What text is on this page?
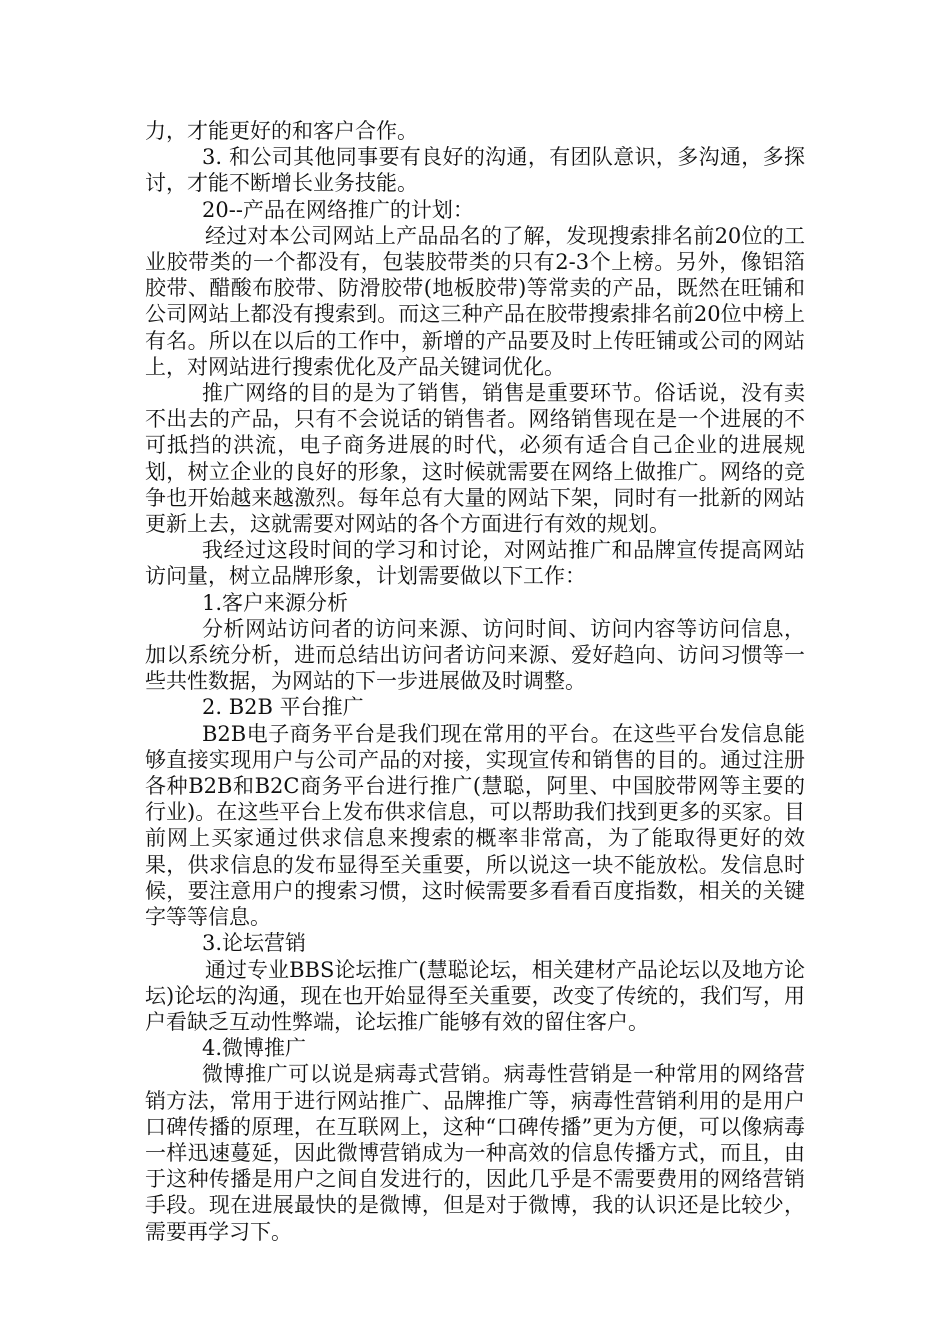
力，才能更好的和客户合作。

3. 和公司其他同事要有良好的沟通，有团队意识，多沟通，多探讨，才能不断增长业务技能。

20--产品在网络推广的计划：

经过对本公司网站上产品品名的了解，发现搜索排名前20位的工业胶带类的一个都没有，包装胶带类的只有2-3个上榜。另外，像铝箔胶带、醋酸布胶带、防滑胶带(地板胶带)等常卖的产品，既然在旺铺和公司网站上都没有搜索到。而这三种产品在胶带搜索排名前20位中榜上有名。所以在以后的工作中，新增的产品要及时上传旺铺或公司的网站上，对网站进行搜索优化及产品关键词优化。

推广网络的目的是为了销售，销售是重要环节。俗话说，没有卖不出去的产品，只有不会说话的销售者。网络销售现在是一个进展的不可抵挡的洪流，电子商务进展的时代，必须有适合自己企业的进展规划，树立企业的良好的形象，这时候就需要在网络上做推广。网络的竞争也开始越来越激烈。每年总有大量的网站下架，同时有一批新的网站更新上去，这就需要对网站的各个方面进行有效的规划。

我经过这段时间的学习和讨论，对网站推广和品牌宣传提高网站访问量，树立品牌形象，计划需要做以下工作：

1.客户来源分析

分析网站访问者的访问来源、访问时间、访问内容等访问信息，加以系统分析，进而总结出访问者访问来源、爱好趋向、访问习惯等一些共性数据，为网站的下一步进展做及时调整。

2. B2B 平台推广

B2B电子商务平台是我们现在常用的平台。在这些平台发信息能够直接实现用户与公司产品的对接，实现宣传和销售的目的。通过注册各种B2B和B2C商务平台进行推广(慧聪，阿里、中国胶带网等主要的行业)。在这些平台上发布供求信息，可以帮助我们找到更多的买家。目前网上买家通过供求信息来搜索的概率非常高，为了能取得更好的效果，供求信息的发布显得至关重要，所以说这一块不能放松。发信息时候，要注意用户的搜索习惯，这时候需要多看看百度指数，相关的关键字等等信息。

3.论坛营销

通过专业BBS论坛推广(慧聪论坛，相关建材产品论坛以及地方论坛)论坛的沟通，现在也开始显得至关重要，改变了传统的，我们写，用户看缺乏互动性弊端，论坛推广能够有效的留住客户。

4.微博推广

微博推广可以说是病毒式营销。病毒性营销是一种常用的网络营销方法，常用于进行网站推广、品牌推广等，病毒性营销利用的是用户口碑传播的原理，在互联网上，这种“口碑传播”更为方便，可以像病毒一样迅速蔓延，因此微博营销成为一种高效的信息传播方式，而且，由于这种传播是用户之间自发进行的，因此几乎是不需要费用的网络营销手段。现在进展最快的是微博，但是对于微博，我的认识还是比较少，需要再学习下。
